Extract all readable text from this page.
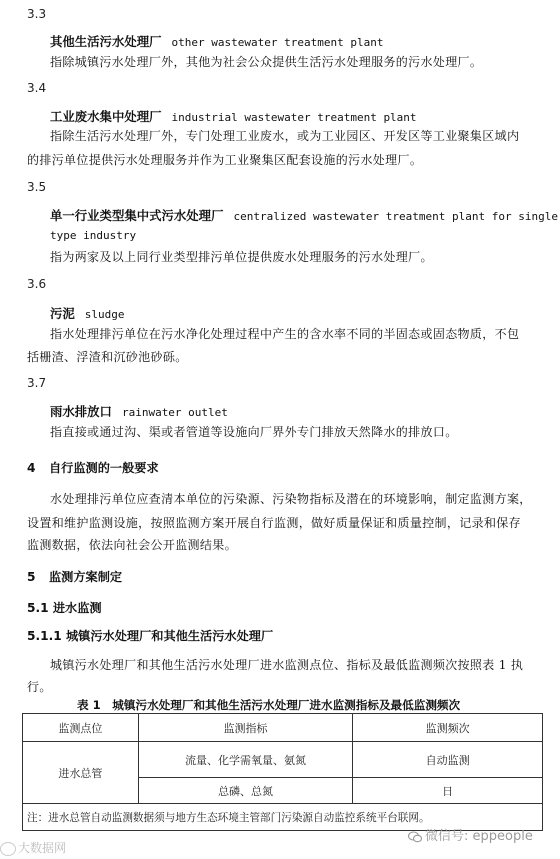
3.3
其他生活污水处理厂 other wastewater treatment plant
指除城镇污水处理厂外，其他为社会公众提供生活污水处理服务的污水处理厂。
3.4
工业废水集中处理厂 industrial wastewater treatment plant
指除生活污水处理厂外，专门处理工业废水，或为工业园区、开发区等工业聚集区域内
的排污单位提供污水处理服务并作为工业聚集区配套设施的污水处理厂。
3.5
单一行业类型集中式污水处理厂 centralized wastewater treatment plant for single
type industry
指为两家及以上同行业类型排污单位提供废水处理服务的污水处理厂。
3.6
污泥 sludge
指水处理排污单位在污水净化处理过程中产生的含水率不同的半固态或固态物质，不包
括栅渣、浮渣和沉砂池砂砾。
3.7
雨水排放口 rainwater outlet
指直接或通过沟、渠或者管道等设施向厂界外专门排放天然降水的排放口。
4 自行监测的一般要求
水处理排污单位应查清本单位的污染源、污染物指标及潜在的环境影响，制定监测方案，
设置和维护监测设施，按照监测方案开展自行监测，做好质量保证和质量控制，记录和保存
监测数据，依法向社会公开监测结果。
5 监测方案制定
5.1 进水监测
5.1.1 城镇污水处理厂和其他生活污水处理厂
城镇污水处理厂和其他生活污水处理厂进水监测点位、指标及最低监测频次按照表 1 执
行。
表 1　城镇污水处理厂和其他生活污水处理厂进水监测指标及最低监测频次
监测点位	监测指标	监测频次
进水总管	流量、化学需氧量、氨氮	自动监测
	总磷、总氮	日
注：进水总管自动监测数据须与地方生态环境主管部门污染源自动监控系统平台联网。		
大数据网
微信号: eppeople
